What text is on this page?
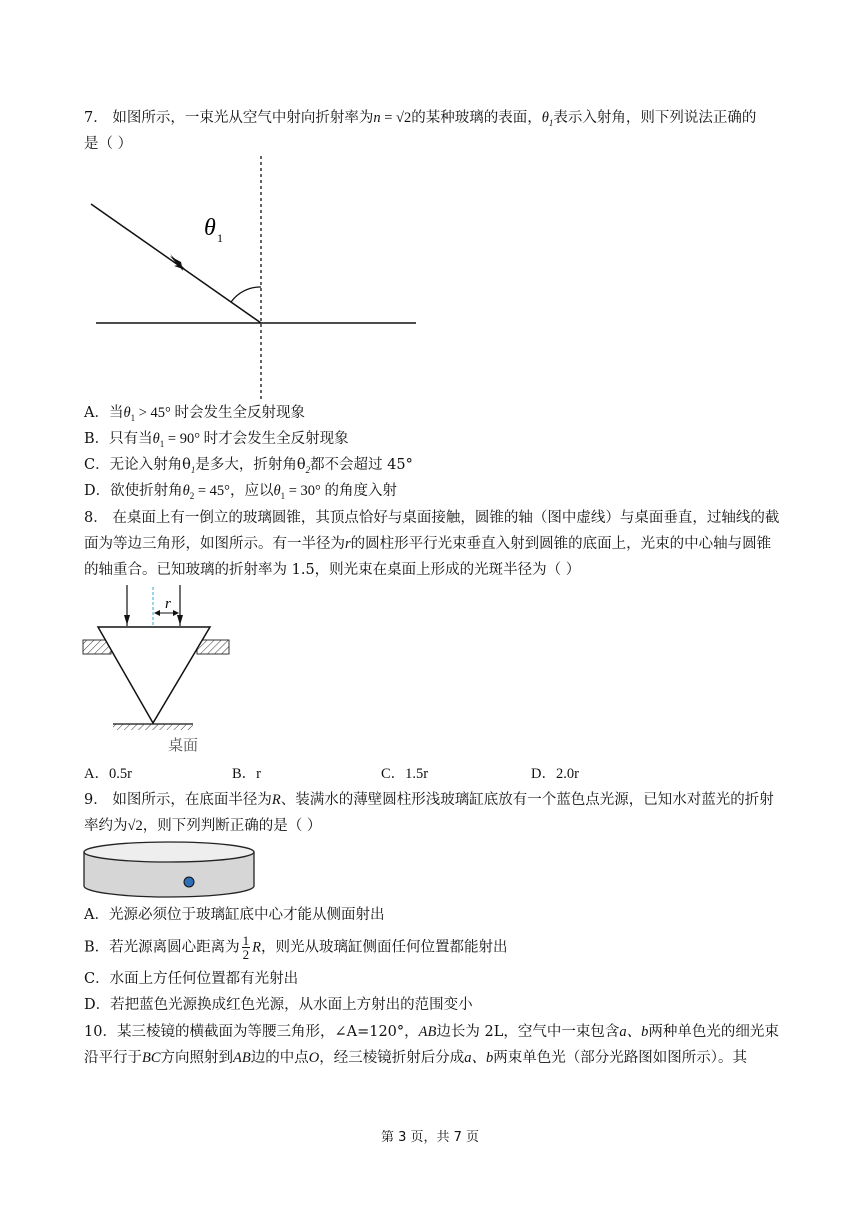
7． 如图所示，一束光从空气中射向折射率为n = √2的某种玻璃的表面，$\theta_1$表示入射角，则下列说法正确的
是（ ）
θ 1
A．当$\theta_1 > 45^\circ$ 时会发生全反射现象
B．只有当$\theta_1 = 90^\circ$ 时才会发生全反射现象
C．无论入射角$\theta_1$是多大，折射角$\theta_2$都不会超过 45°
D．欲使折射角$\theta_2 = 45^\circ$，应以$\theta_1 = 30^\circ$ 的角度入射
8． 在桌面上有一倒立的玻璃圆锥，其顶点恰好与桌面接触，圆锥的轴（图中虚线）与桌面垂直，过轴线的截
面为等边三角形，如图所示。有一半径为r的圆柱形平行光束垂直入射到圆锥的底面上，光束的中心轴与圆锥
的轴重合。已知玻璃的折射率为 1.5，则光束在桌面上形成的光斑半径为（ ）
r
桌面
A．0.5r	B．r	C．1.5r	D．2.0r
9． 如图所示，在底面半径为R、装满水的薄壁圆柱形浅玻璃缸底放有一个蓝色点光源，已知水对蓝光的折射
率约为√2，则下列判断正确的是（ ）
A．光源必须位于玻璃缸底中心才能从侧面射出
B．若光源离圆心距离为 $\frac{1}{2}$ R，则光从玻璃缸侧面任何位置都能射出
C．水面上方任何位置都有光射出
D．若把蓝色光源换成红色光源，从水面上方射出的范围变小
10．某三棱镜的横截面为等腰三角形，∠A=120°，AB边长为 2L，空气中一束包含a、b两种单色光的细光束
沿平行于BC方向照射到AB边的中点O，经三棱镜折射后分成a、b两束单色光（部分光路图如图所示）。其
第 3 页，共 7 页
